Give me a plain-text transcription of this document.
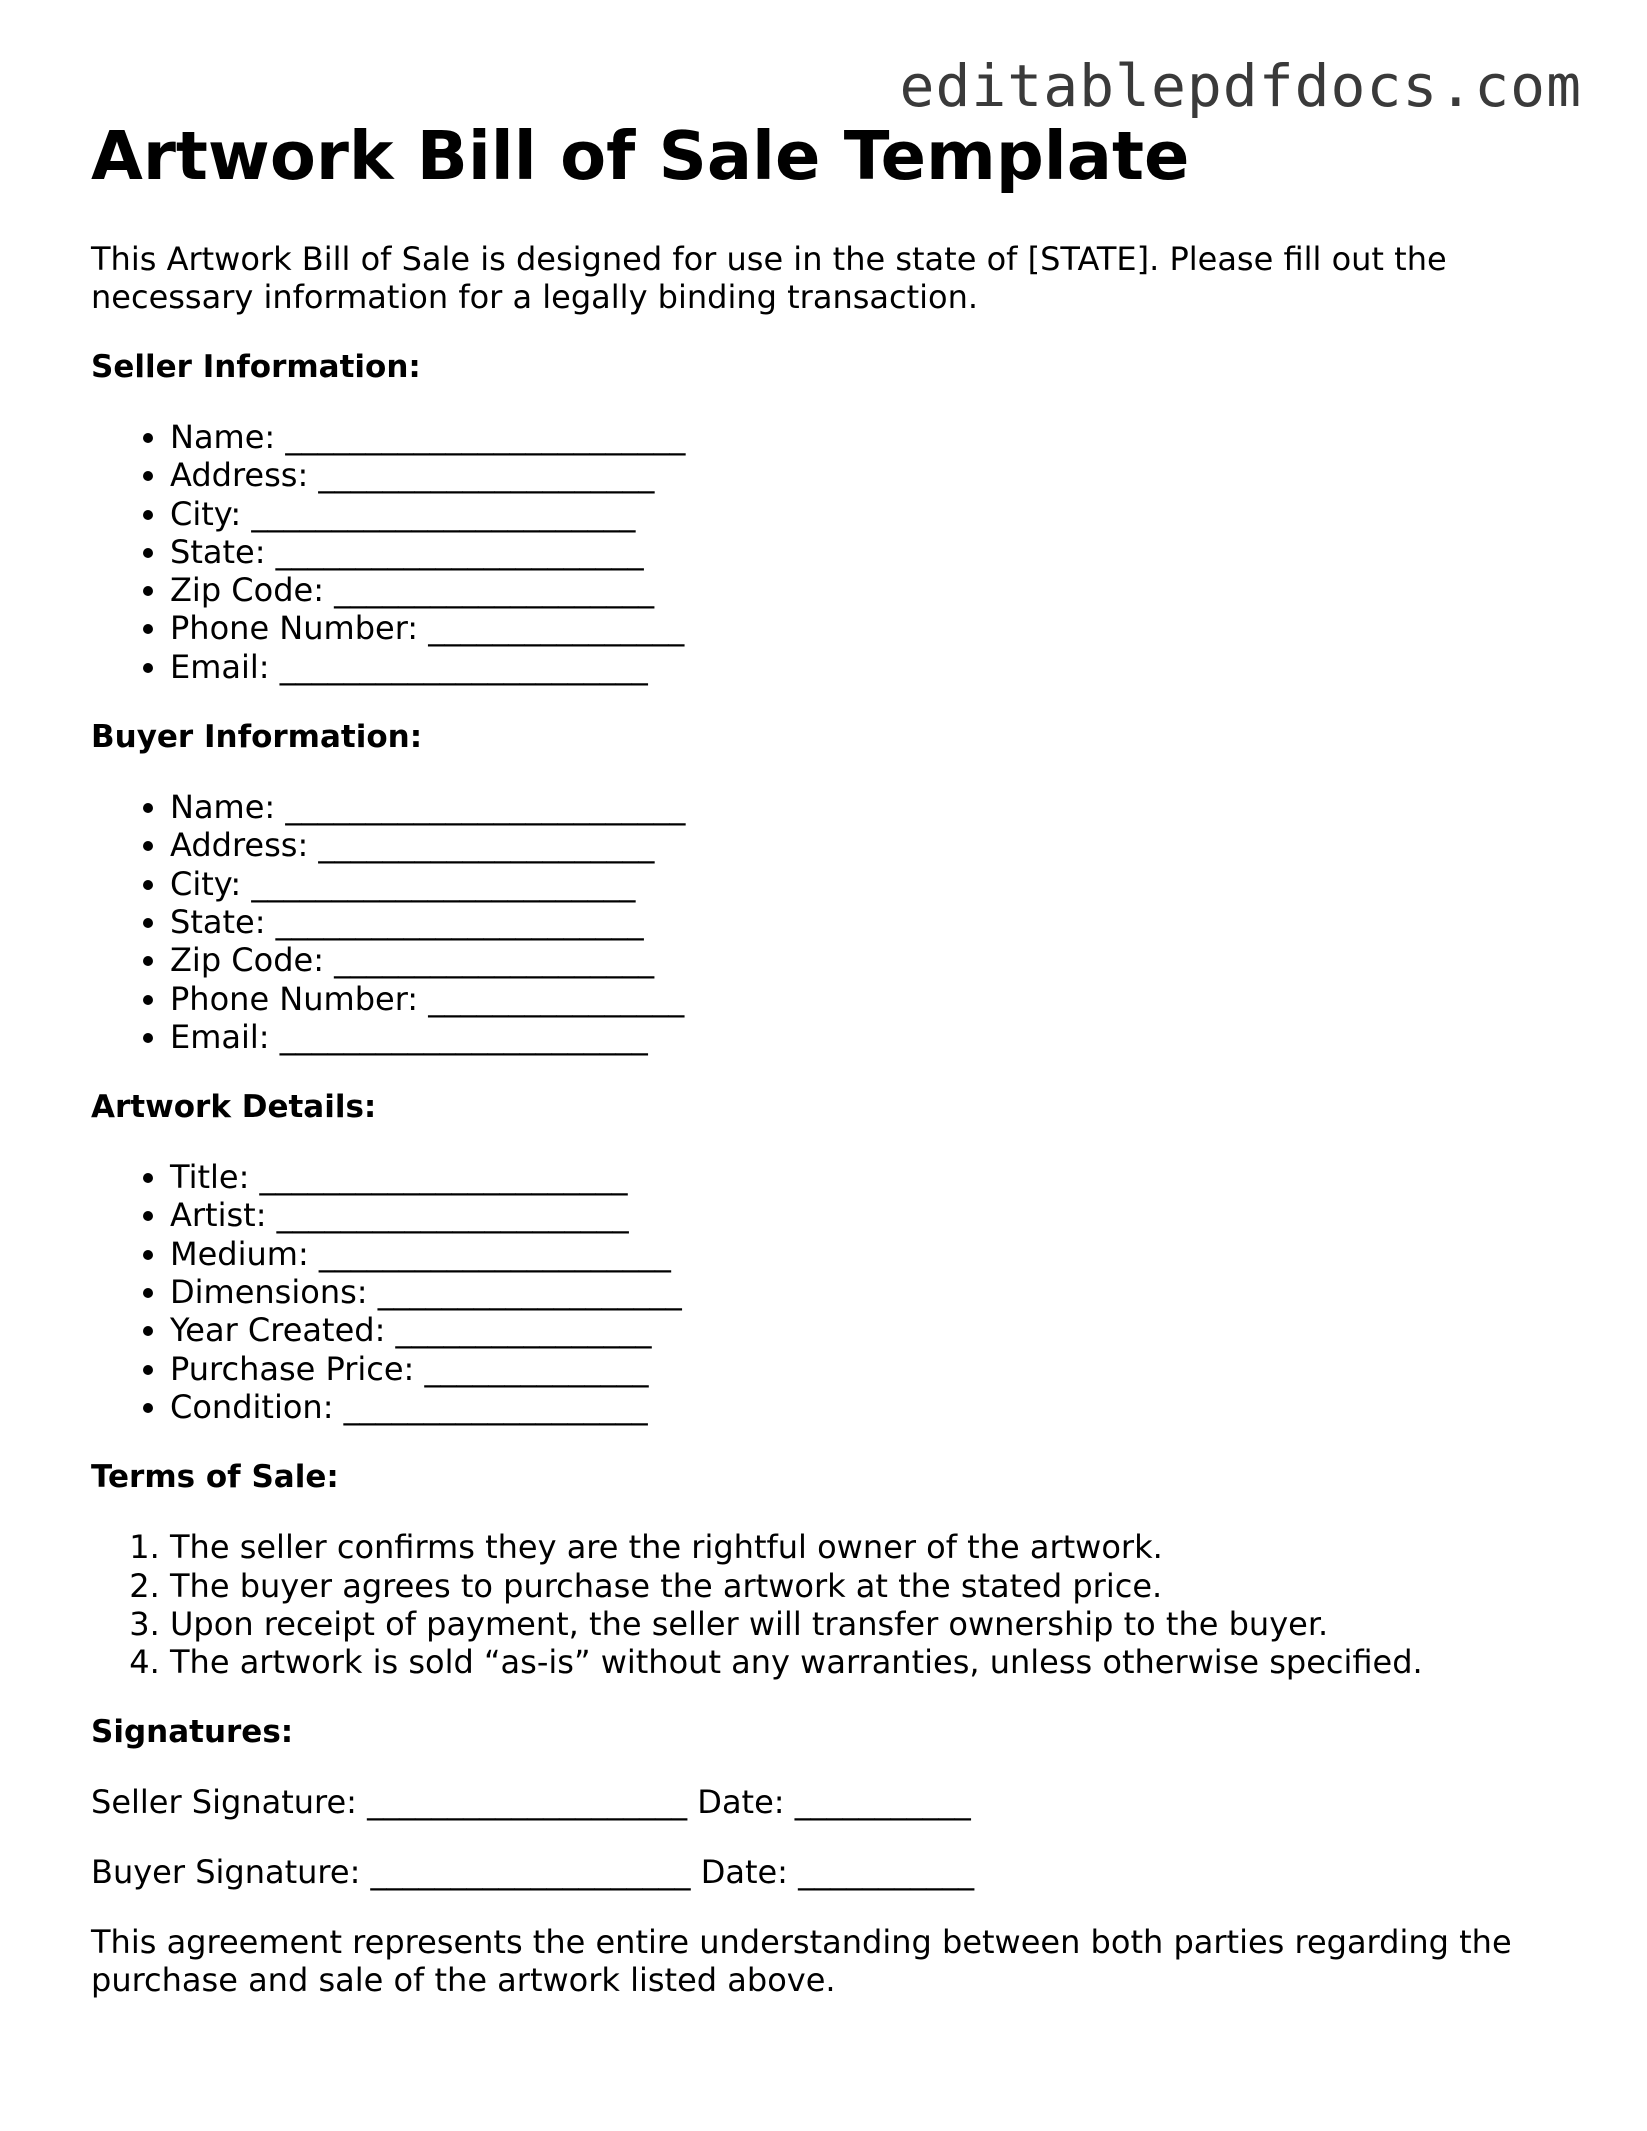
editablepdfdocs.com
Artwork Bill of Sale Template

This Artwork Bill of Sale is designed for use in the state of [STATE]. Please fill out the necessary information for a legally binding transaction.

Seller Information:
• Name: _________________________
• Address: _____________________
• City: ________________________
• State: _______________________
• Zip Code: ____________________
• Phone Number: ________________
• Email: _______________________
Buyer Information:
• Name: _________________________
• Address: _____________________
• City: ________________________
• State: _______________________
• Zip Code: ____________________
• Phone Number: ________________
• Email: _______________________
Artwork Details:
• Title: _______________________
• Artist: ______________________
• Medium: ______________________
• Dimensions: ___________________
• Year Created: ________________
• Purchase Price: ______________
• Condition: ___________________
Terms of Sale:
1. The seller confirms they are the rightful owner of the artwork.
2. The buyer agrees to purchase the artwork at the stated price.
3. Upon receipt of payment, the seller will transfer ownership to the buyer.
4. The artwork is sold “as-is” without any warranties, unless otherwise specified.
Signatures:
Seller Signature: ____________________ Date: ___________
Buyer Signature: ____________________ Date: ___________

This agreement represents the entire understanding between both parties regarding the purchase and sale of the artwork listed above.
